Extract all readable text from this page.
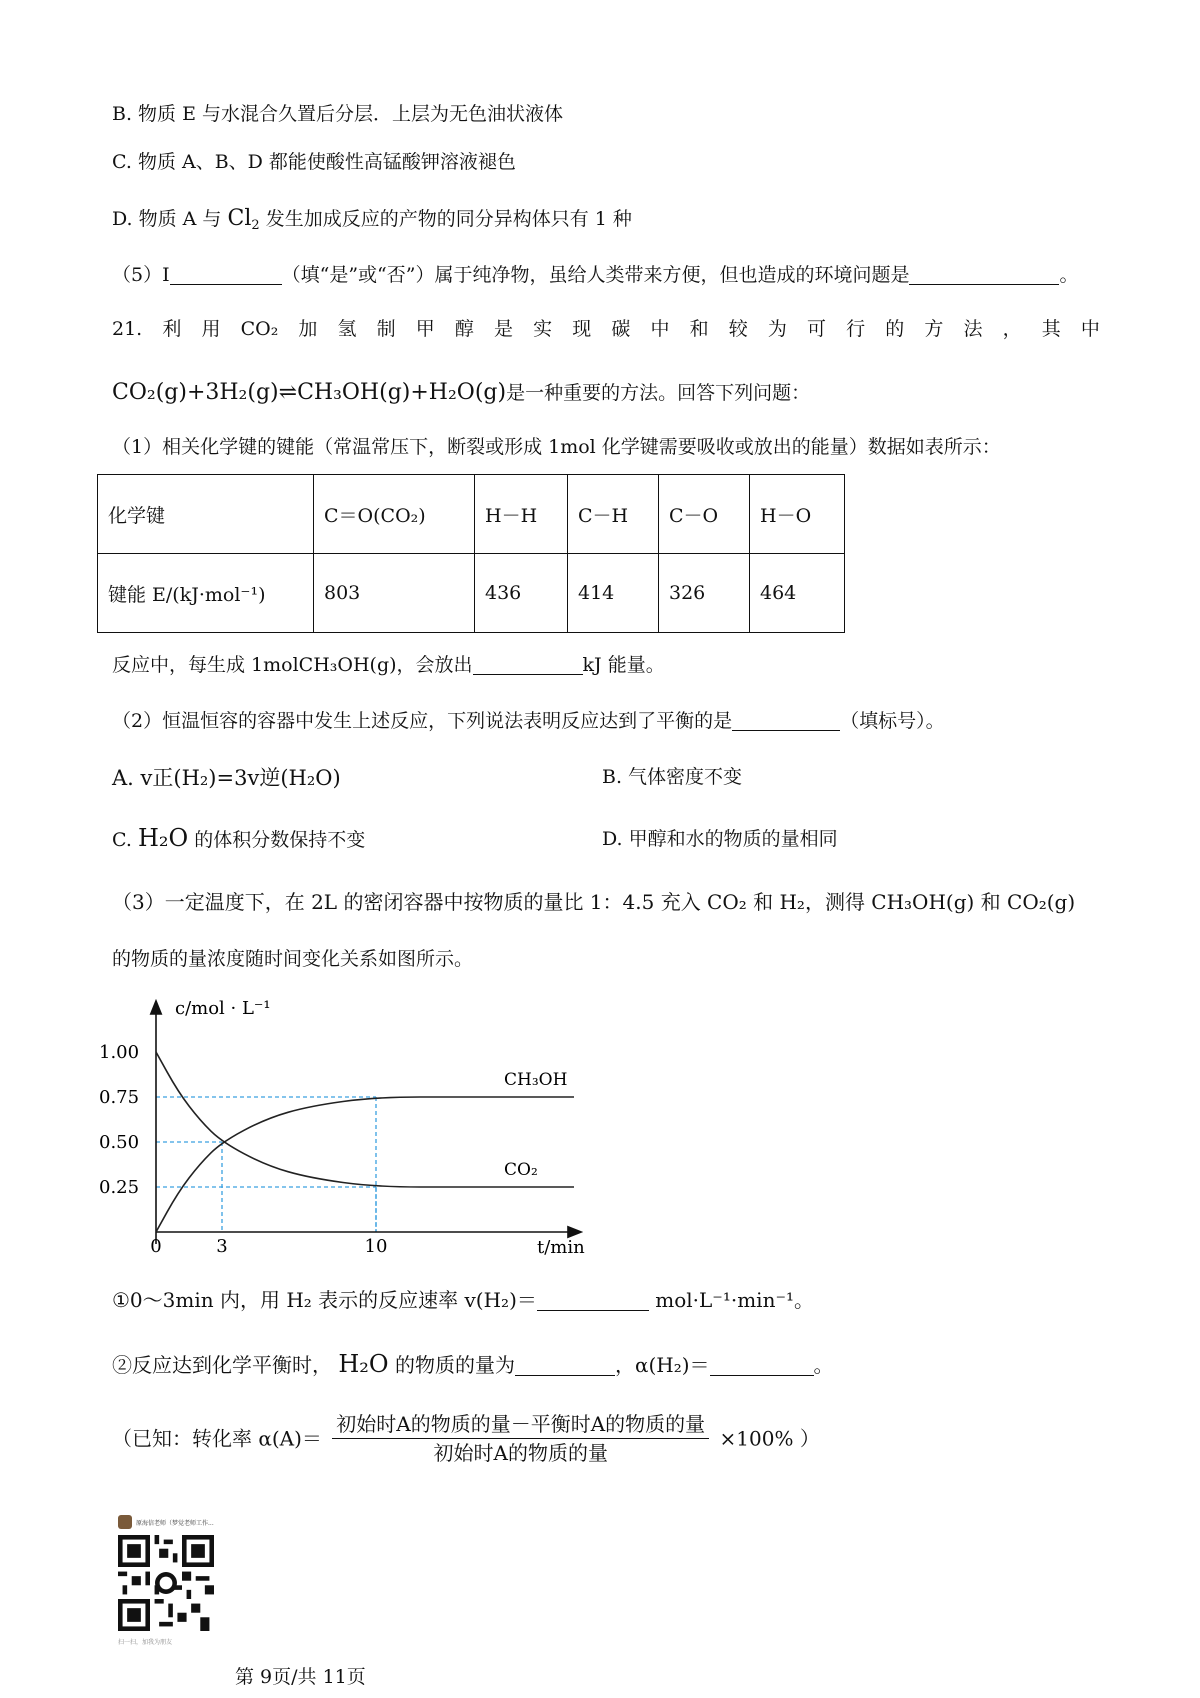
B. 物质 E 与水混合久置后分层．上层为无色油状液体
C. 物质 A、B、D 都能使酸性高锰酸钾溶液褪色
D. 物质 A 与 $Cl_2$ 发生加成反应的产物的同分异构体只有 1 种
（5）I	（填“是”或“否”）属于纯净物，虽给人类带来方便，但也造成的环境问题是	。
21. 利 用 CO₂ 加 氢 制 甲 醇 是 实 现 碳 中 和 较 为 可 行 的 方 法 ， 其 中
CO₂(g)+3H₂(g)⇌CH₃OH(g)+H₂O(g)是一种重要的方法。回答下列问题：
（1）相关化学键的键能（常温常压下，断裂或形成 1mol 化学键需要吸收或放出的能量）数据如表所示：
化学键	C＝O(CO₂)	H－H	C－H	C－O	H－O
键能 E/(kJ·mol⁻¹)	803	436	414	326	464
反应中，每生成 1molCH₃OH(g)，会放出	kJ 能量。
（2）恒温恒容的容器中发生上述反应，下列说法表明反应达到了平衡的是	（填标号）。
A. v正(H₂)=3v逆(H₂O)	B. 气体密度不变
C. H₂O 的体积分数保持不变	D. 甲醇和水的物质的量相同
（3）一定温度下，在 2L 的密闭容器中按物质的量比 1：4.5 充入 CO₂ 和 H₂，测得 CH₃OH(g) 和 CO₂(g)
的物质的量浓度随时间变化关系如图所示。
c/mol · L⁻¹
t/min
1.00
0.75
0.50
0.25
0	3	10
CH₃OH
CO₂
①0～3min 内，用 H₂ 表示的反应速率 v(H₂)＝	mol·L⁻¹·min⁻¹。
②反应达到化学平衡时， H₂O 的物质的量为	，α(H₂)＝	。
（已知：转化率 $\alpha(A)= \frac{\text{初始时A的物质的量－平衡时A的物质的量}}{\text{初始时A的物质的量}} \times 100\%$ ）
原海信老师（梦觉老师工作...
扫一扫，加我为朋友
第 9页/共 11页
